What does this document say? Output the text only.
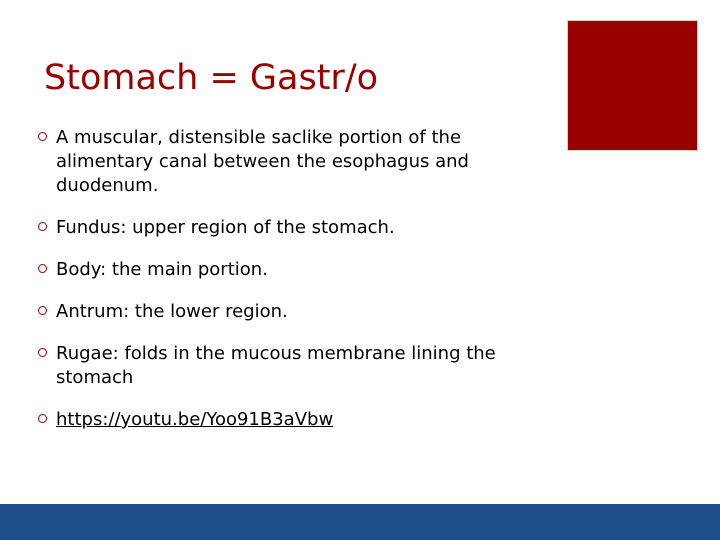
Stomach = Gastr/o
A muscular, distensible saclike portion of the alimentary canal between the esophagus and duodenum.
Fundus: upper region of the stomach.
Body: the main portion.
Antrum: the lower region.
Rugae: folds in the mucous membrane lining the stomach
https://youtu.be/Yoo91B3aVbw
